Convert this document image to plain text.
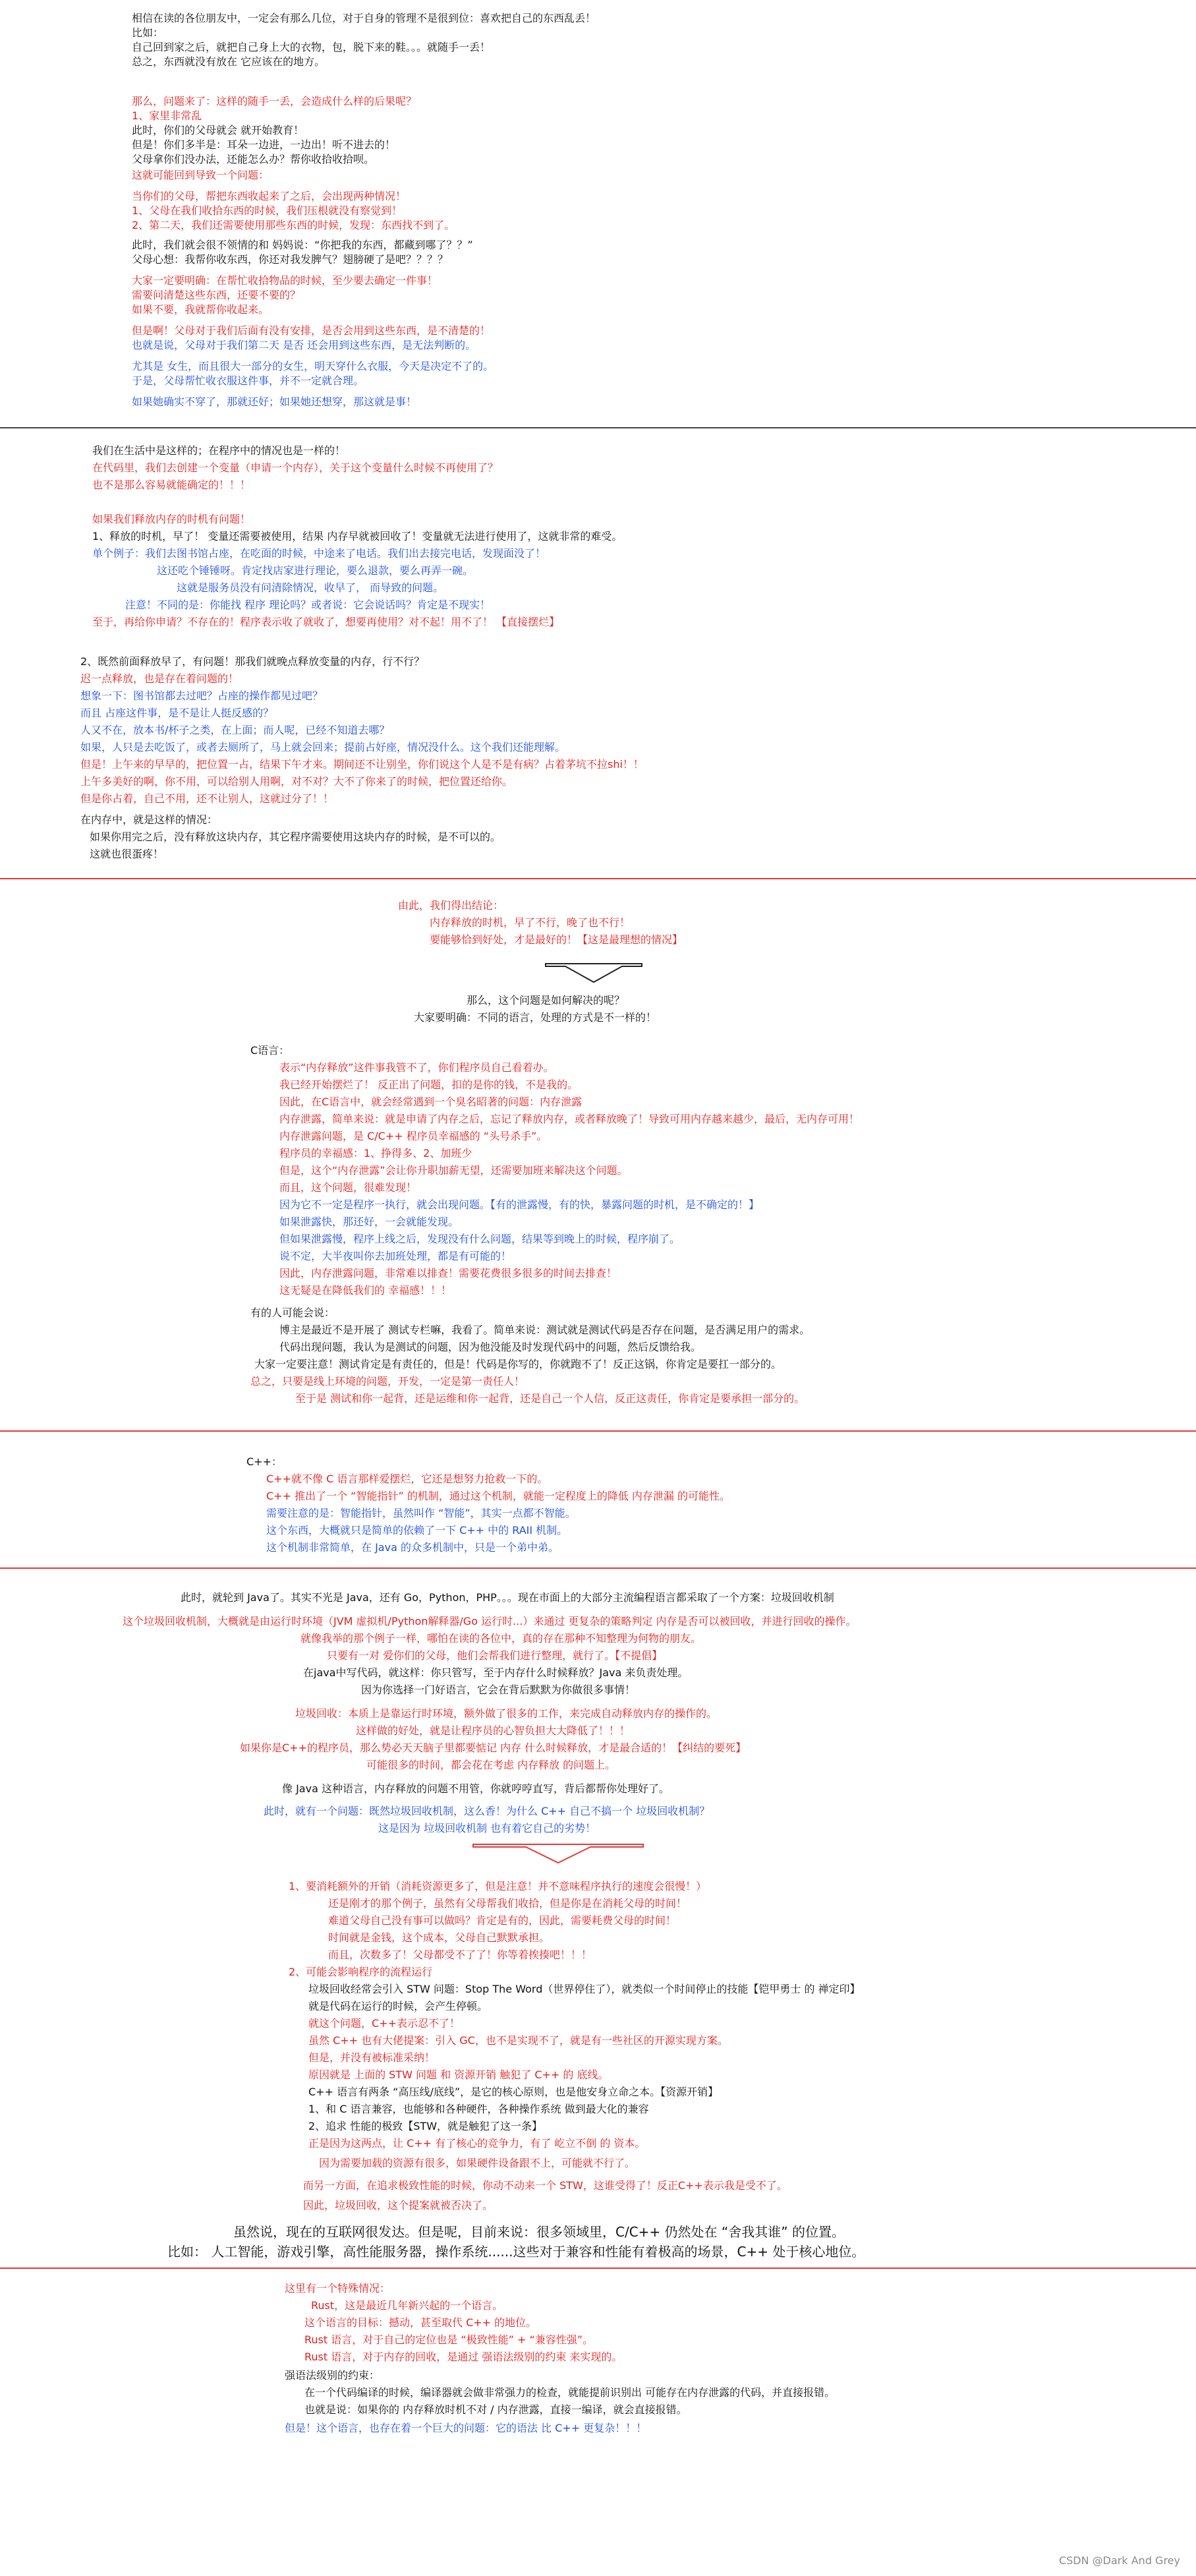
相信在读的各位朋友中，一定会有那么几位，对于自身的管理不是很到位：喜欢把自己的东西乱丢！
比如：
自己回到家之后，就把自己身上大的衣物，包，脱下来的鞋。。。就随手一丢！
总之，东西就没有放在 它应该在的地方。
那么，问题来了：这样的随手一丢，会造成什么样的后果呢？
1、家里非常乱
此时，你们的父母就会 就开始教育！
但是！你们多半是：耳朵一边进，一边出！听不进去的！
父母拿你们没办法，还能怎么办？帮你收拾收拾呗。
这就可能回到导致一个问题：
当你们的父母，帮把东西收起来了之后，会出现两种情况！
1、父母在我们收拾东西的时候，我们压根就没有察觉到！
2、第二天，我们还需要使用那些东西的时候，发现：东西找不到了。
此时，我们就会很不领情的和 妈妈说：“你把我的东西，都藏到哪了？？”
父母心想：我帮你收东西，你还对我发脾气？翅膀硬了是吧？？？？
大家一定要明确：在帮忙收拾物品的时候，至少要去确定一件事！
需要问清楚这些东西，还要不要的？
如果不要，我就帮你收起来。
但是啊！父母对于我们后面有没有安排，是否会用到这些东西，是不清楚的！
也就是说，父母对于我们第二天 是否 还会用到这些东西，是无法判断的。
尤其是 女生，而且很大一部分的女生，明天穿什么衣服，今天是决定不了的。
于是，父母帮忙收衣服这件事，并不一定就合理。
如果她确实不穿了，那就还好；如果她还想穿，那这就是事！
我们在生活中是这样的；在程序中的情况也是一样的！
在代码里，我们去创建一个变量（申请一个内存），关于这个变量什么时候不再使用了？
也不是那么容易就能确定的！！！
如果我们释放内存的时机有问题！
1、释放的时机，早了！ 变量还需要被使用，结果 内存早就被回收了！变量就无法进行使用了，这就非常的难受。
单个例子：我们去图书馆占座，在吃面的时候，中途来了电话。我们出去接完电话，发现面没了！
这还吃个锤锤呀。肯定找店家进行理论，要么退款，要么再弄一碗。
这就是服务员没有问清除情况，收早了， 而导致的问题。
注意！不同的是：你能找 程序 理论吗？或者说：它会说话吗？肯定是不现实！
至于，再给你申请？不存在的！程序表示收了就收了，想要再使用？对不起！用不了！ 【直接摆烂】
2、既然前面释放早了，有问题！那我们就晚点释放变量的内存，行不行？
迟一点释放，也是存在着问题的！
想象一下：图书馆都去过吧？占座的操作都见过吧？
而且 占座这件事，是不是让人挺反感的？
人又不在，放本书/杯子之类，在上面；而人呢，已经不知道去哪？
如果，人只是去吃饭了，或者去厕所了，马上就会回来；提前占好座，情况没什么。这个我们还能理解。
但是！上午来的早早的，把位置一占，结果下午才来。期间还不让别坐，你们说这个人是不是有病？占着茅坑不拉shi！！
上午多美好的啊，你不用，可以给别人用啊，对不对？大不了你来了的时候，把位置还给你。
但是你占着，自己不用，还不让别人，这就过分了！！
在内存中，就是这样的情况：
如果你用完之后，没有释放这块内存，其它程序需要使用这块内存的时候，是不可以的。
这就也很蛋疼！
由此，我们得出结论：
内存释放的时机，早了不行，晚了也不行！
要能够恰到好处，才是最好的！【这是最理想的情况】
那么，这个问题是如何解决的呢？
大家要明确：不同的语言，处理的方式是不一样的！
C语言：
表示“内存释放”这件事我管不了，你们程序员自己看着办。
我已经开始摆烂了！ 反正出了问题，扣的是你的钱，不是我的。
因此，在C语言中，就会经常遇到一个臭名昭著的问题：内存泄露
内存泄露，简单来说：就是申请了内存之后，忘记了释放内存，或者释放晚了！导致可用内存越来越少，最后，无内存可用！
内存泄露问题，是 C/C++ 程序员幸福感的 “头号杀手”。
程序员的幸福感：1、挣得多、2、加班少
但是，这个“内存泄露”会让你升职加薪无望，还需要加班来解决这个问题。
而且，这个问题，很难发现！
因为它不一定是程序一执行，就会出现问题。【有的泄露慢，有的快，暴露问题的时机，是不确定的！】
如果泄露快，那还好，一会就能发现。
但如果泄露慢，程序上线之后，发现没有什么问题，结果等到晚上的时候，程序崩了。
说不定，大半夜叫你去加班处理，都是有可能的！
因此，内存泄露问题，非常难以排查！需要花费很多很多的时间去排查！
这无疑是在降低我们的 幸福感！！！
有的人可能会说：
博主是最近不是开展了 测试专栏嘛，我看了。简单来说：测试就是测试代码是否存在问题，是否满足用户的需求。
代码出现问题，我认为是测试的问题，因为他没能及时发现代码中的问题，然后反馈给我。
大家一定要注意！测试肯定是有责任的，但是！代码是你写的，你就跑不了！反正这锅，你肯定是要扛一部分的。
总之，只要是线上环境的问题，开发，一定是第一责任人！
至于是 测试和你一起背，还是运维和你一起背，还是自己一个人信，反正这责任，你肯定是要承担一部分的。
C++：
C++就不像 C 语言那样爱摆烂，它还是想努力抢救一下的。
C++ 推出了一个 “智能指针” 的机制，通过这个机制，就能一定程度上的降低 内存泄漏 的可能性。
需要注意的是：智能指针，虽然叫作 “智能”，其实一点都不智能。
这个东西，大概就只是简单的依赖了一下 C++ 中的 RAII 机制。
这个机制非常简单，在 Java 的众多机制中，只是一个弟中弟。
此时，就轮到 Java了。其实不光是 Java，还有 Go，Python，PHP。。。现在市面上的大部分主流编程语言都采取了一个方案：垃圾回收机制
这个垃圾回收机制，大概就是由运行时环境（JVM 虚拟机/Python解释器/Go 运行时...）来通过 更复杂的策略判定 内存是否可以被回收，并进行回收的操作。
就像我举的那个例子一样，哪怕在读的各位中，真的存在那种不知整理为何物的朋友。
只要有一对 爱你们的父母，他们会帮我们进行整理，就行了。【不提倡】
在java中写代码，就这样：你只管写，至于内存什么时候释放？Java 来负责处理。
因为你选择一门好语言，它会在背后默默为你做很多事情！
垃圾回收：本质上是靠运行时环境，额外做了很多的工作，来完成自动释放内存的操作的。
这样做的好处，就是让程序员的心智负担大大降低了！！！
如果你是C++的程序员，那么势必天天脑子里都要惦记 内存 什么时候释放，才是最合适的！【纠结的要死】
可能很多的时间，都会花在考虑 内存释放 的问题上。
像 Java 这种语言，内存释放的问题不用管，你就哼哼直写，背后都帮你处理好了。
此时，就有一个问题：既然垃圾回收机制，这么香！为什么 C++ 自己不搞一个 垃圾回收机制？
这是因为 垃圾回收机制 也有着它自己的劣势！
1、要消耗额外的开销（消耗资源更多了，但是注意！并不意味程序执行的速度会很慢！）
还是刚才的那个例子，虽然有父母帮我们收拾，但是你是在消耗父母的时间！
难道父母自己没有事可以做吗？肯定是有的，因此，需要耗费父母的时间！
时间就是金钱，这个成本，父母自己默默承担。
而且，次数多了！父母都受不了了！你等着挨揍吧！！！
2、可能会影响程序的流程运行
垃圾回收经常会引入 STW 问题：Stop The Word（世界停住了），就类似一个时间停止的技能【铠甲勇士 的 禅定印】
就是代码在运行的时候，会产生停顿。
就这个问题，C++表示忍不了！
虽然 C++ 也有大佬提案：引入 GC，也不是实现不了，就是有一些社区的开源实现方案。
但是，并没有被标准采纳！
原因就是 上面的 STW 问题 和 资源开销 触犯了 C++ 的 底线。
C++ 语言有两条 “高压线/底线”，是它的核心原则，也是他安身立命之本。【资源开销】
1、和 C 语言兼容，也能够和各种硬件，各种操作系统 做到最大化的兼容
2、追求 性能的极致【STW，就是触犯了这一条】
正是因为这两点，让 C++ 有了核心的竞争力，有了 屹立不倒 的 资本。
因为需要加载的资源有很多，如果硬件设备跟不上，可能就不行了。
而另一方面，在追求极致性能的时候，你动不动来一个 STW，这谁受得了！反正C++表示我是受不了。
因此，垃圾回收，这个提案就被否决了。
虽然说，现在的互联网很发达。但是呢，目前来说：很多领域里，C/C++ 仍然处在 “舍我其谁” 的位置。
比如： 人工智能，游戏引擎，高性能服务器，操作系统......这些对于兼容和性能有着极高的场景，C++ 处于核心地位。
这里有一个特殊情况：
Rust，这是最近几年新兴起的一个语言。
这个语言的目标：撼动，甚至取代 C++ 的地位。
Rust 语言，对于自己的定位也是 “极致性能” + “兼容性强”。
Rust 语言，对于内存的回收，是通过 强语法级别的约束 来实现的。
强语法级别的约束：
在一个代码编译的时候，编译器就会做非常强力的检查，就能提前识别出 可能存在内存泄露的代码，并直接报错。
也就是说：如果你的 内存释放时机不对 / 内存泄露，直接一编译，就会直接报错。
但是！这个语言，也存在着一个巨大的问题：它的语法 比 C++ 更复杂！！！
CSDN @Dark And Grey
